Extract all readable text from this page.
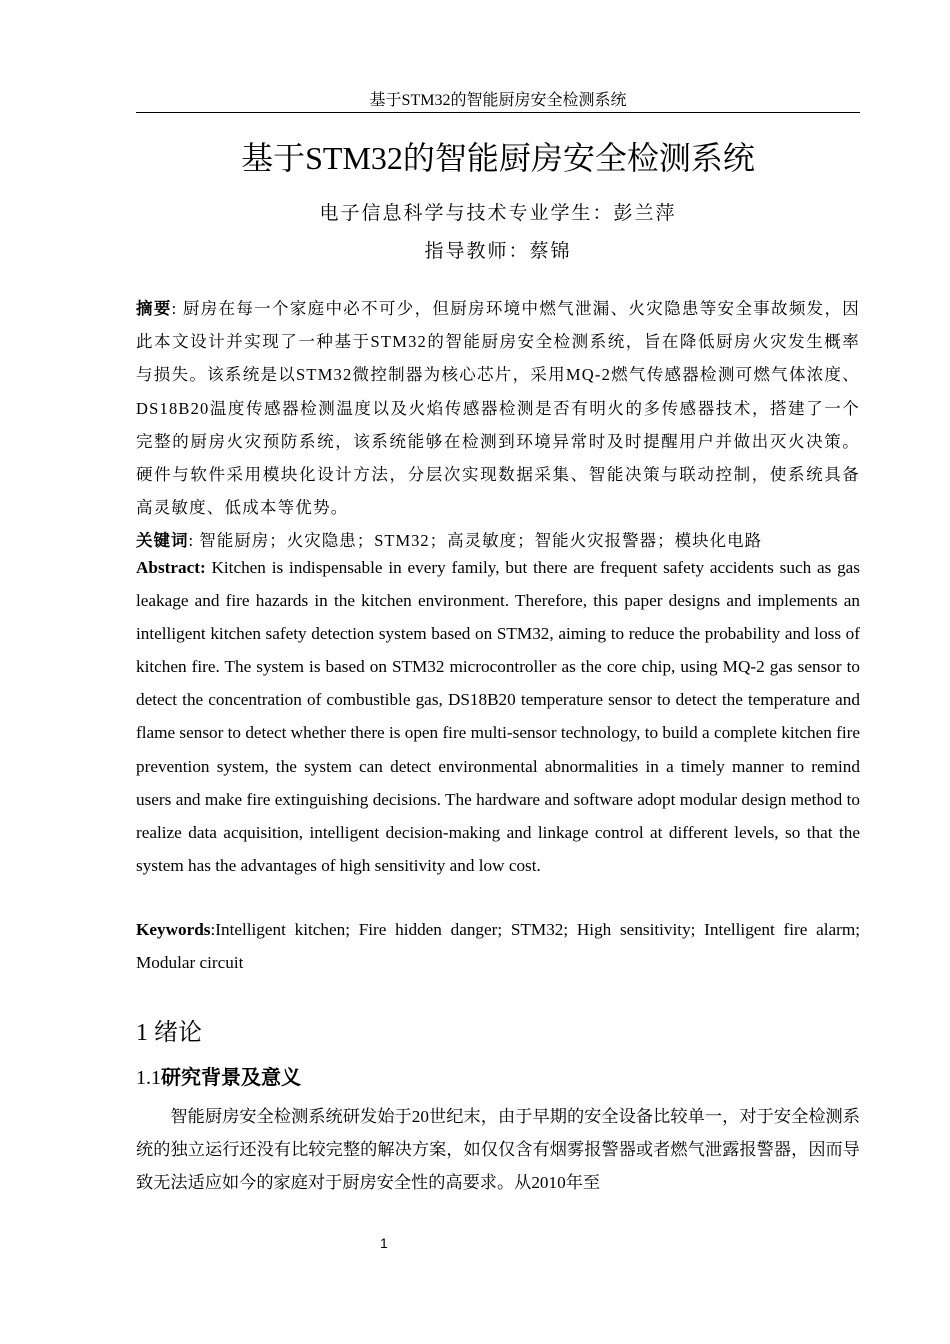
基于STM32的智能厨房安全检测系统
基于STM32的智能厨房安全检测系统
电子信息科学与技术专业学生：彭兰萍
指导教师：蔡锦
摘要: 厨房在每一个家庭中必不可少，但厨房环境中燃气泄漏、火灾隐患等安全事故频发，因此本文设计并实现了一种基于STM32的智能厨房安全检测系统，旨在降低厨房火灾发生概率与损失。该系统是以STM32微控制器为核心芯片，采用MQ-2燃气传感器检测可燃气体浓度、DS18B20温度传感器检测温度以及火焰传感器检测是否有明火的多传感器技术，搭建了一个完整的厨房火灾预防系统，该系统能够在检测到环境异常时及时提醒用户并做出灭火决策。硬件与软件采用模块化设计方法，分层次实现数据采集、智能决策与联动控制，使系统具备高灵敏度、低成本等优势。
关键词: 智能厨房；火灾隐患；STM32；高灵敏度；智能火灾报警器；模块化电路
Abstract: Kitchen is indispensable in every family, but there are frequent safety accidents such as gas leakage and fire hazards in the kitchen environment. Therefore, this paper designs and implements an intelligent kitchen safety detection system based on STM32, aiming to reduce the probability and loss of kitchen fire. The system is based on STM32 microcontroller as the core chip, using MQ-2 gas sensor to detect the concentration of combustible gas, DS18B20 temperature sensor to detect the temperature and flame sensor to detect whether there is open fire multi-sensor technology, to build a complete kitchen fire prevention system, the system can detect environmental abnormalities in a timely manner to remind users and make fire extinguishing decisions. The hardware and software adopt modular design method to realize data acquisition, intelligent decision-making and linkage control at different levels, so that the system has the advantages of high sensitivity and low cost.
Keywords:Intelligent kitchen; Fire hidden danger; STM32; High sensitivity; Intelligent fire alarm; Modular circuit
1 绪论
1.1研究背景及意义
智能厨房安全检测系统研发始于20世纪末，由于早期的安全设备比较单一，对于安全检测系统的独立运行还没有比较完整的解决方案，如仅仅含有烟雾报警器或者燃气泄露报警器，因而导致无法适应如今的家庭对于厨房安全性的高要求。从2010年至
1
